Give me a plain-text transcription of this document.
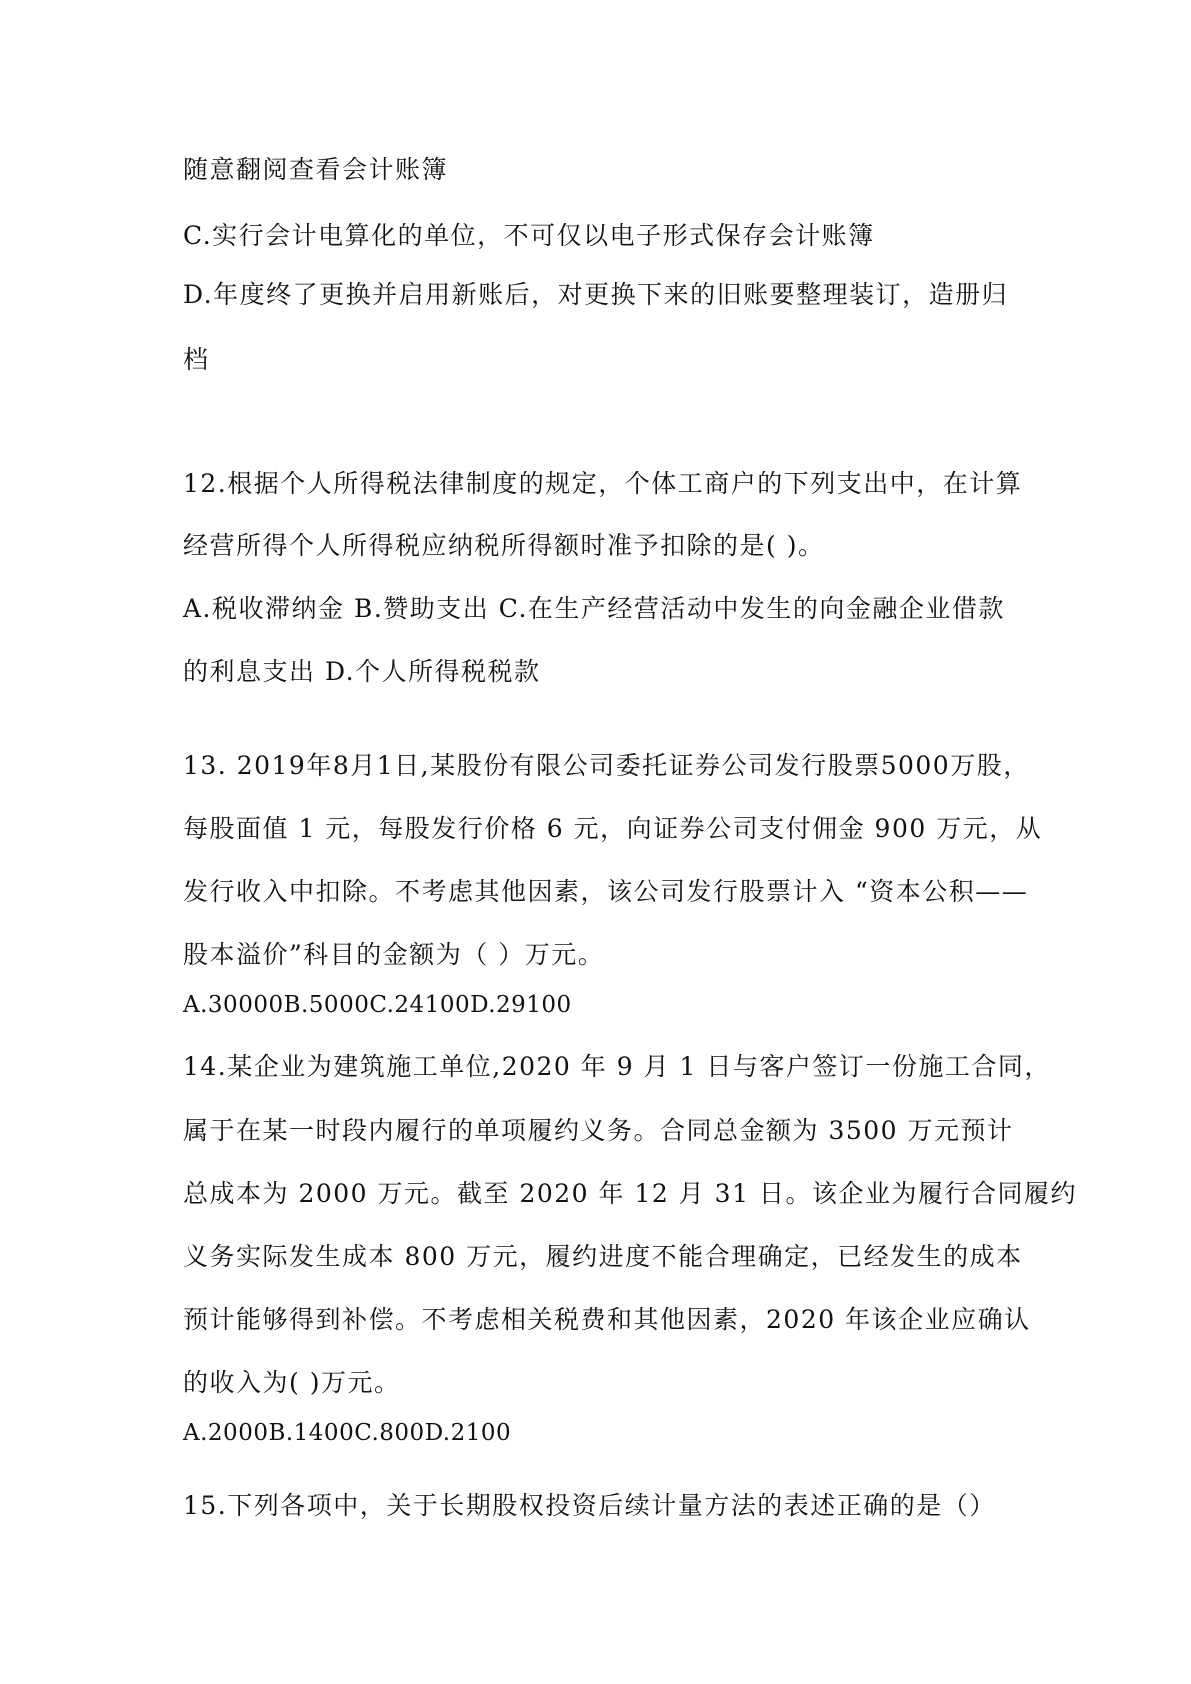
随意翻阅查看会计账簿
C.实行会计电算化的单位，不可仅以电子形式保存会计账簿
D.年度终了更换并启用新账后，对更换下来的旧账要整理装订，造册归
档
12.根据个人所得税法律制度的规定，个体工商户的下列支出中，在计算
经营所得个人所得税应纳税所得额时准予扣除的是( )。
A.税收滞纳金 B.赞助支出 C.在生产经营活动中发生的向金融企业借款
的利息支出 D.个人所得税税款
13. 2019年8月1日,某股份有限公司委托证券公司发行股票5000万股，
每股面值 1 元，每股发行价格 6 元，向证券公司支付佣金 900 万元，从
发行收入中扣除。不考虑其他因素，该公司发行股票计入 “资本公积——
股本溢价”科目的金额为（ ）万元。
A.30000B.5000C.24100D.29100
14.某企业为建筑施工单位,2020 年 9 月 1 日与客户签订一份施工合同，
属于在某一时段内履行的单项履约义务。合同总金额为 3500 万元预计
总成本为 2000 万元。截至 2020 年 12 月 31 日。该企业为履行合同履约
义务实际发生成本 800 万元，履约进度不能合理确定，已经发生的成本
预计能够得到补偿。不考虑相关税费和其他因素，2020 年该企业应确认
的收入为( )万元。
A.2000B.1400C.800D.2100
15.下列各项中，关于长期股权投资后续计量方法的表述正确的是（）
